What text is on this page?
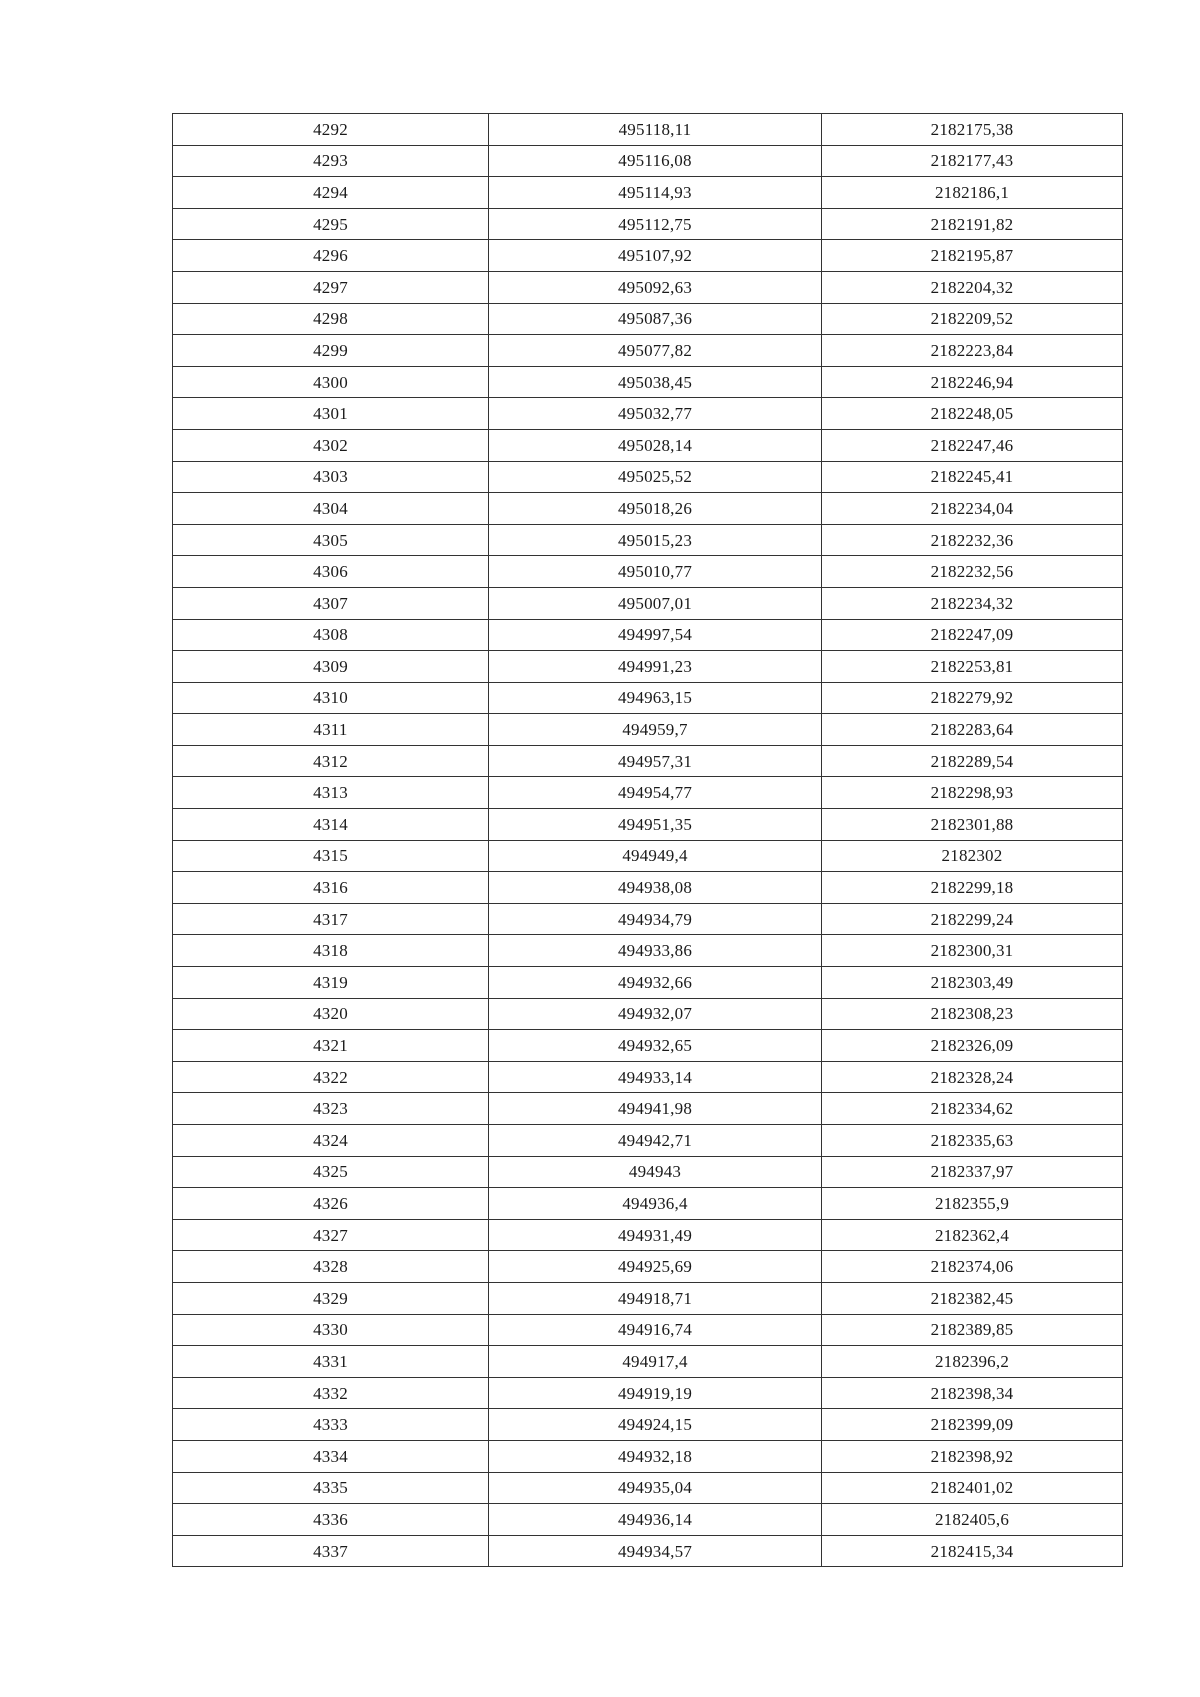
4292	495118,11	2182175,38
4293	495116,08	2182177,43
4294	495114,93	2182186,1
4295	495112,75	2182191,82
4296	495107,92	2182195,87
4297	495092,63	2182204,32
4298	495087,36	2182209,52
4299	495077,82	2182223,84
4300	495038,45	2182246,94
4301	495032,77	2182248,05
4302	495028,14	2182247,46
4303	495025,52	2182245,41
4304	495018,26	2182234,04
4305	495015,23	2182232,36
4306	495010,77	2182232,56
4307	495007,01	2182234,32
4308	494997,54	2182247,09
4309	494991,23	2182253,81
4310	494963,15	2182279,92
4311	494959,7	2182283,64
4312	494957,31	2182289,54
4313	494954,77	2182298,93
4314	494951,35	2182301,88
4315	494949,4	2182302
4316	494938,08	2182299,18
4317	494934,79	2182299,24
4318	494933,86	2182300,31
4319	494932,66	2182303,49
4320	494932,07	2182308,23
4321	494932,65	2182326,09
4322	494933,14	2182328,24
4323	494941,98	2182334,62
4324	494942,71	2182335,63
4325	494943	2182337,97
4326	494936,4	2182355,9
4327	494931,49	2182362,4
4328	494925,69	2182374,06
4329	494918,71	2182382,45
4330	494916,74	2182389,85
4331	494917,4	2182396,2
4332	494919,19	2182398,34
4333	494924,15	2182399,09
4334	494932,18	2182398,92
4335	494935,04	2182401,02
4336	494936,14	2182405,6
4337	494934,57	2182415,34
